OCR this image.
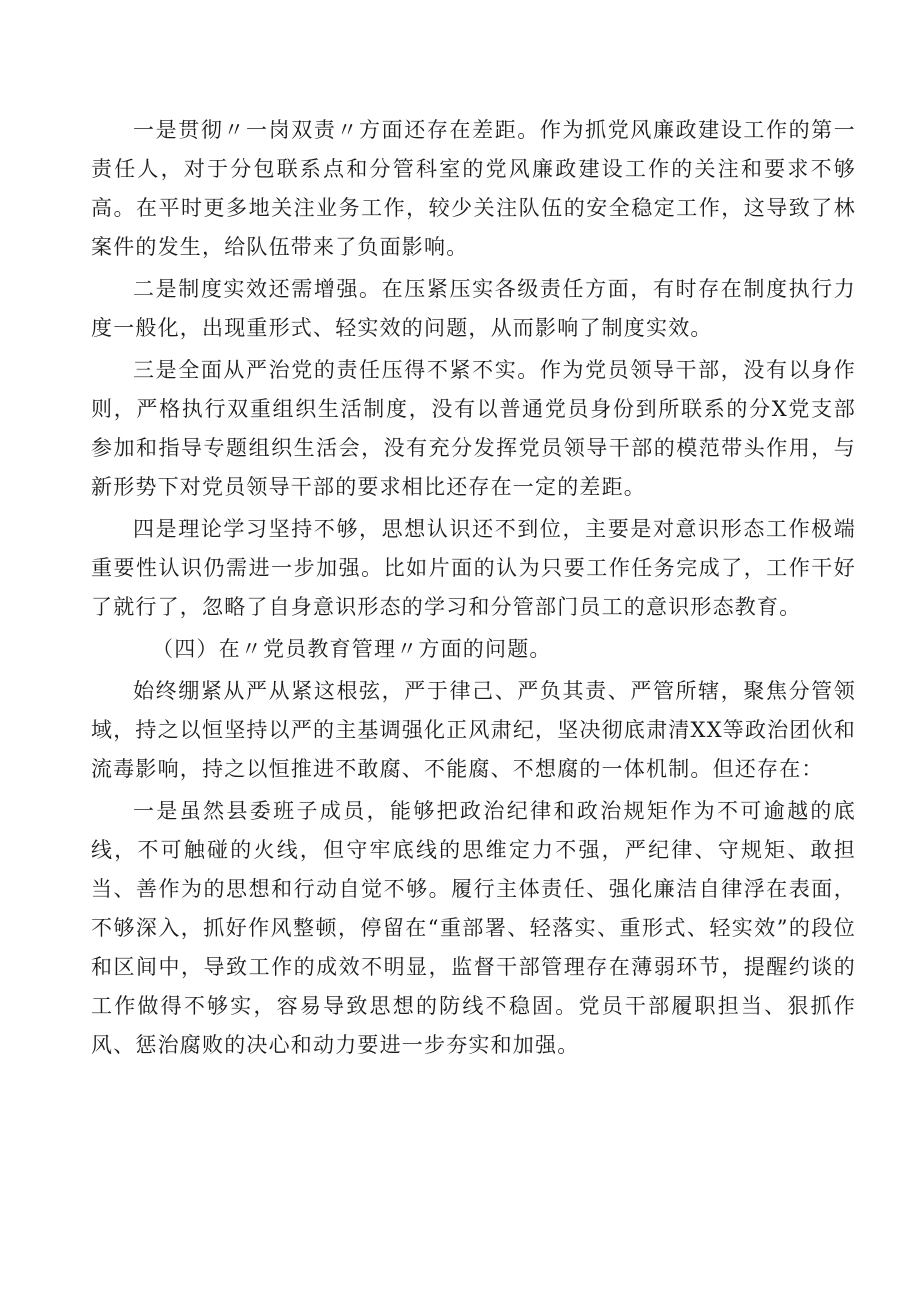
一是贯彻〃一岗双责〃方面还存在差距。作为抓党风廉政建设工作的第一责任人，对于分包联系点和分管科室的党风廉政建设工作的关注和要求不够高。在平时更多地关注业务工作，较少关注队伍的安全稳定工作，这导致了林案件的发生，给队伍带来了负面影响。

二是制度实效还需增强。在压紧压实各级责任方面，有时存在制度执行力度一般化，出现重形式、轻实效的问题，从而影响了制度实效。

三是全面从严治党的责任压得不紧不实。作为党员领导干部，没有以身作则，严格执行双重组织生活制度，没有以普通党员身份到所联系的分X党支部参加和指导专题组织生活会，没有充分发挥党员领导干部的模范带头作用，与新形势下对党员领导干部的要求相比还存在一定的差距。

四是理论学习坚持不够，思想认识还不到位，主要是对意识形态工作极端重要性认识仍需进一步加强。比如片面的认为只要工作任务完成了，工作干好了就行了，忽略了自身意识形态的学习和分管部门员工的意识形态教育。

（四）在〃党员教育管理〃方面的问题。

始终绷紧从严从紧这根弦，严于律己、严负其责、严管所辖，聚焦分管领域，持之以恒坚持以严的主基调强化正风肃纪，坚决彻底肃清XX等政治团伙和流毒影响，持之以恒推进不敢腐、不能腐、不想腐的一体机制。但还存在：

一是虽然县委班子成员，能够把政治纪律和政治规矩作为不可逾越的底线，不可触碰的火线，但守牢底线的思维定力不强，严纪律、守规矩、敢担当、善作为的思想和行动自觉不够。履行主体责任、强化廉洁自律浮在表面，不够深入，抓好作风整顿，停留在“重部署、轻落实、重形式、轻实效”的段位和区间中，导致工作的成效不明显，监督干部管理存在薄弱环节，提醒约谈的工作做得不够实，容易导致思想的防线不稳固。党员干部履职担当、狠抓作风、惩治腐败的决心和动力要进一步夯实和加强。
